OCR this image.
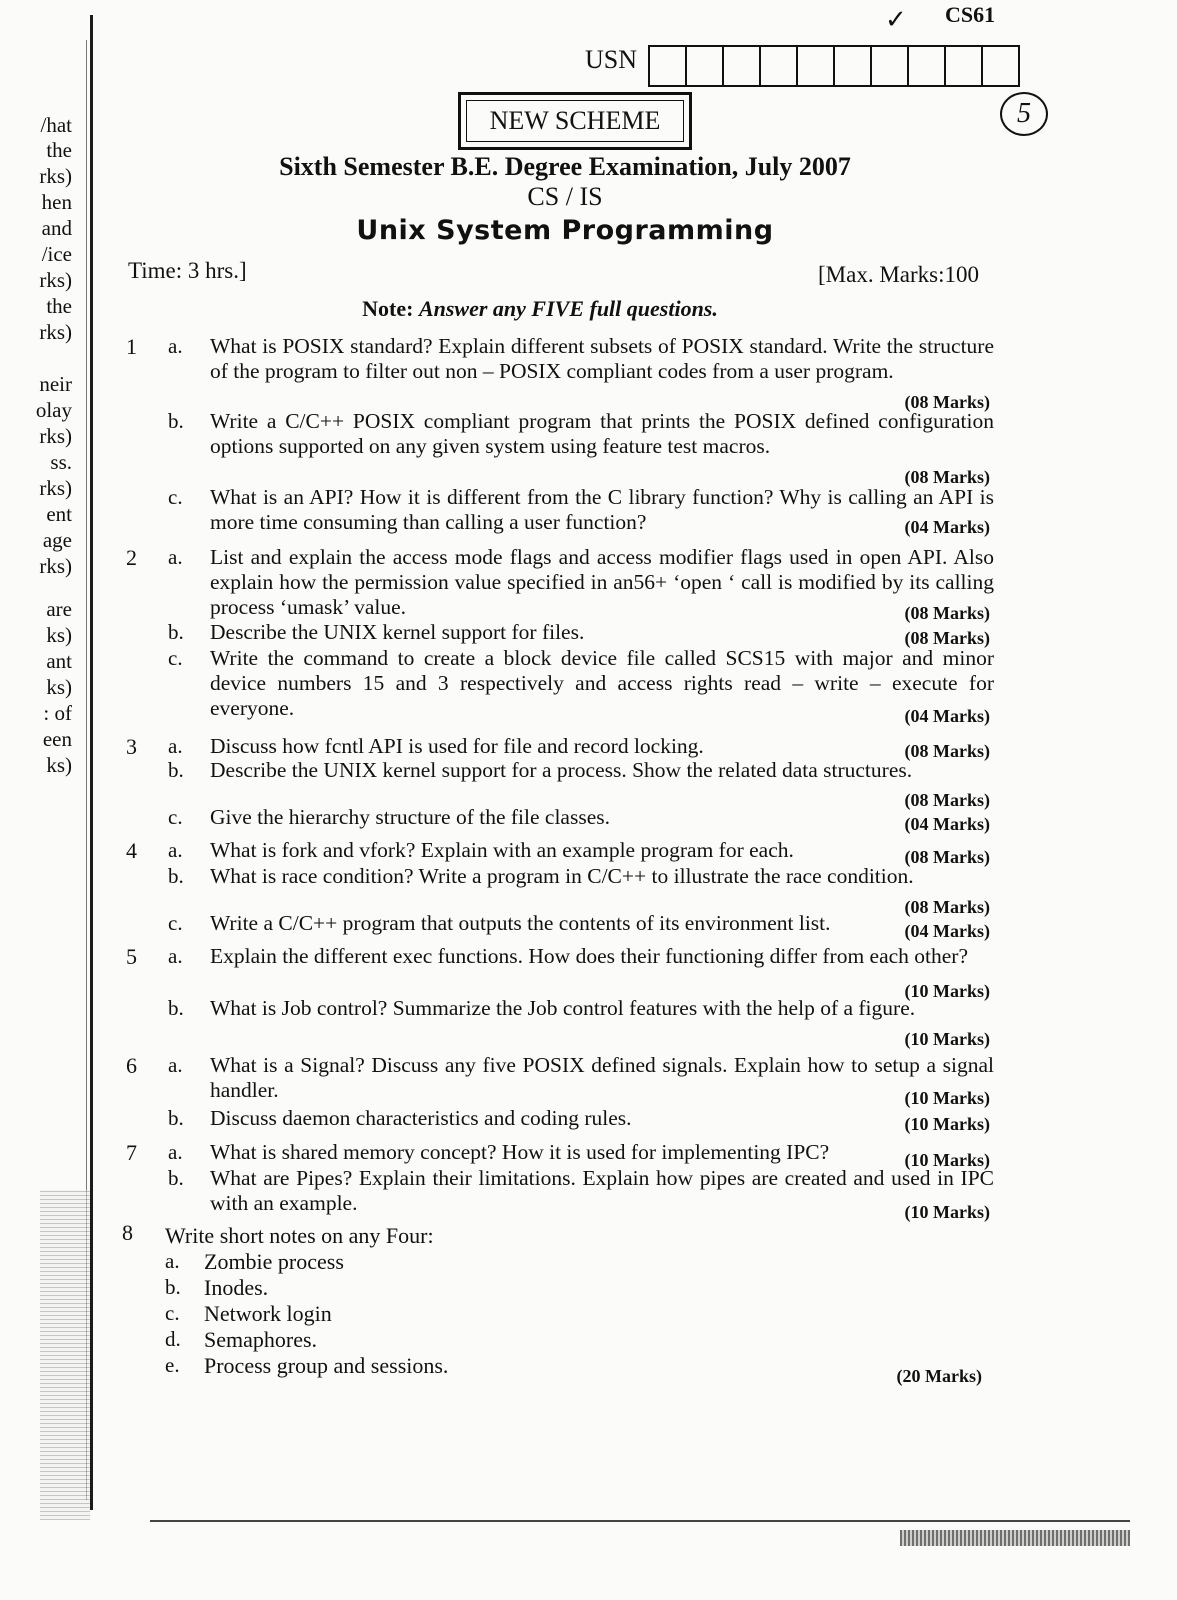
/hat
the
rks)
hen
and
/ice
rks)
the
rks)
neir
olay
rks)
ss.
rks)
ent
age
rks)
are
ks)
ant
ks)
: of
een
ks)
✓ CS61
5
USN
NEW SCHEME
Sixth Semester B.E. Degree Examination, July 2007
CS / IS
Unix System Programming
Time: 3 hrs.]	[Max. Marks:100
Note: Answer any FIVE full questions.
1 a. What is POSIX standard? Explain different subsets of POSIX standard. Write the structure of the program to filter out non – POSIX compliant codes from a user program.
(08 Marks)
b. Write a C/C++ POSIX compliant program that prints the POSIX defined configuration options supported on any given system using feature test macros.
(08 Marks)
c. What is an API? How it is different from the C library function? Why is calling an API is more time consuming than calling a user function?	(04 Marks)
2 a. List and explain the access mode flags and access modifier flags used in open API. Also explain how the permission value specified in an56+ ‘open ‘ call is modified by its calling process ‘umask’ value.	(08 Marks)
b. Describe the UNIX kernel support for files.	(08 Marks)
c. Write the command to create a block device file called SCS15 with major and minor device numbers 15 and 3 respectively and access rights read – write – execute for everyone.	(04 Marks)
3 a. Discuss how fcntl API is used for file and record locking.	(08 Marks)
b. Describe the UNIX kernel support for a process. Show the related data structures.
(08 Marks)
c. Give the hierarchy structure of the file classes.	(04 Marks)
4 a. What is fork and vfork? Explain with an example program for each.	(08 Marks)
b. What is race condition? Write a program in C/C++ to illustrate the race condition.
(08 Marks)
c. Write a C/C++ program that outputs the contents of its environment list.	(04 Marks)
5 a. Explain the different exec functions. How does their functioning differ from each other?
(10 Marks)
b. What is Job control? Summarize the Job control features with the help of a figure.
(10 Marks)
6 a. What is a Signal? Discuss any five POSIX defined signals. Explain how to setup a signal handler.	(10 Marks)
b. Discuss daemon characteristics and coding rules.	(10 Marks)
7 a. What is shared memory concept? How it is used for implementing IPC?	(10 Marks)
b. What are Pipes? Explain their limitations. Explain how pipes are created and used in IPC with an example.	(10 Marks)
8 Write short notes on any Four:
a. Zombie process
b. Inodes.
c. Network login
d. Semaphores.
e. Process group and sessions.	(20 Marks)
